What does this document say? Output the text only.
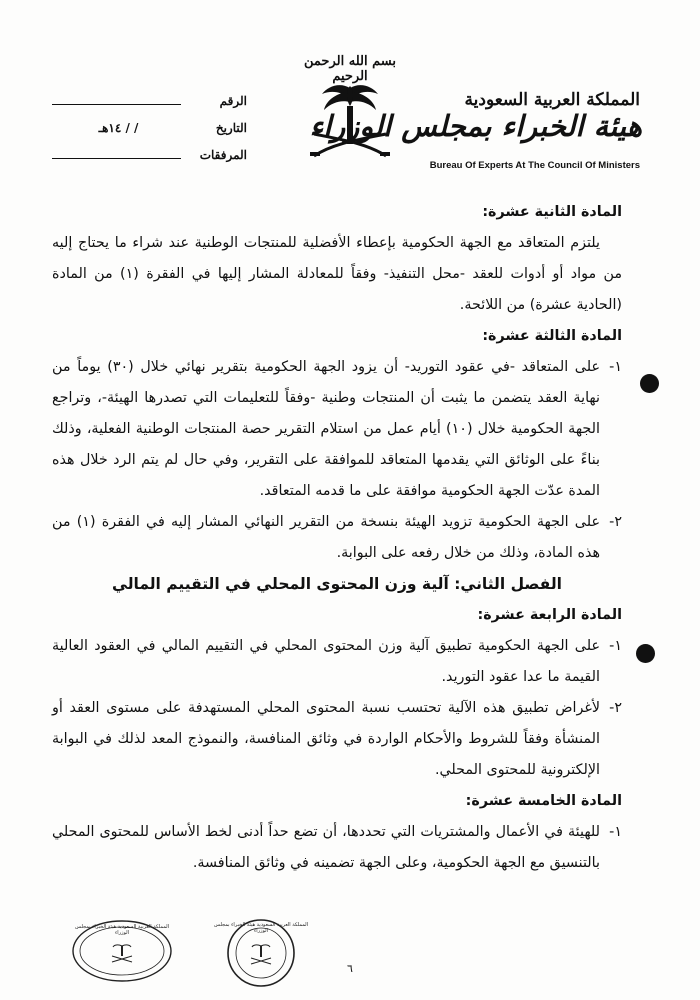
بسم الله الرحمن الرحيم
المملكة العربية السعودية
هيئة الخبراء بمجلس الوزراء
Bureau Of Experts At The Council Of Ministers
الرقم
التاريخ
/ / ١٤هـ
المرفقات

المادة الثانية عشرة:

يلتزم المتعاقد مع الجهة الحكومية بإعطاء الأفضلية للمنتجات الوطنية عند شراء ما يحتاج إليه من مواد أو أدوات للعقد -محل التنفيذ- وفقاً للمعادلة المشار إليها في الفقرة (١) من المادة (الحادية عشرة) من اللائحة.

المادة الثالثة عشرة:

١-
على المتعاقد -في عقود التوريد- أن يزود الجهة الحكومية بتقرير نهائي خلال (٣٠) يوماً من نهاية العقد يتضمن ما يثبت أن المنتجات وطنية -وفقاً للتعليمات التي تصدرها الهيئة-، وتراجع الجهة الحكومية خلال (١٠) أيام عمل من استلام التقرير حصة المنتجات الوطنية الفعلية، وذلك بناءً على الوثائق التي يقدمها المتعاقد للموافقة على التقرير، وفي حال لم يتم الرد خلال هذه المدة عدّت الجهة الحكومية موافقة على ما قدمه المتعاقد.
٢-
على الجهة الحكومية تزويد الهيئة بنسخة من التقرير النهائي المشار إليه في الفقرة (١) من هذه المادة، وذلك من خلال رفعه على البوابة.

الفصل الثاني: آلية وزن المحتوى المحلي في التقييم المالي

المادة الرابعة عشرة:

١-
على الجهة الحكومية تطبيق آلية وزن المحتوى المحلي في التقييم المالي في العقود العالية القيمة ما عدا عقود التوريد.
٢-
لأغراض تطبيق هذه الآلية تحتسب نسبة المحتوى المحلي المستهدفة على مستوى العقد أو المنشأة وفقاً للشروط والأحكام الواردة في وثائق المنافسة، والنموذج المعد لذلك في البوابة الإلكترونية للمحتوى المحلي.

المادة الخامسة عشرة:

١-
للهيئة في الأعمال والمشتريات التي تحددها، أن تضع حداً أدنى لخط الأساس للمحتوى المحلي بالتنسيق مع الجهة الحكومية، وعلى الجهة تضمينه في وثائق المنافسة.
المملكة العربية السعودية هيئة الخبراء بمجلس الوزراء
المملكة العربية السعودية هيئة الخبراء بمجلس الوزراء
٦
